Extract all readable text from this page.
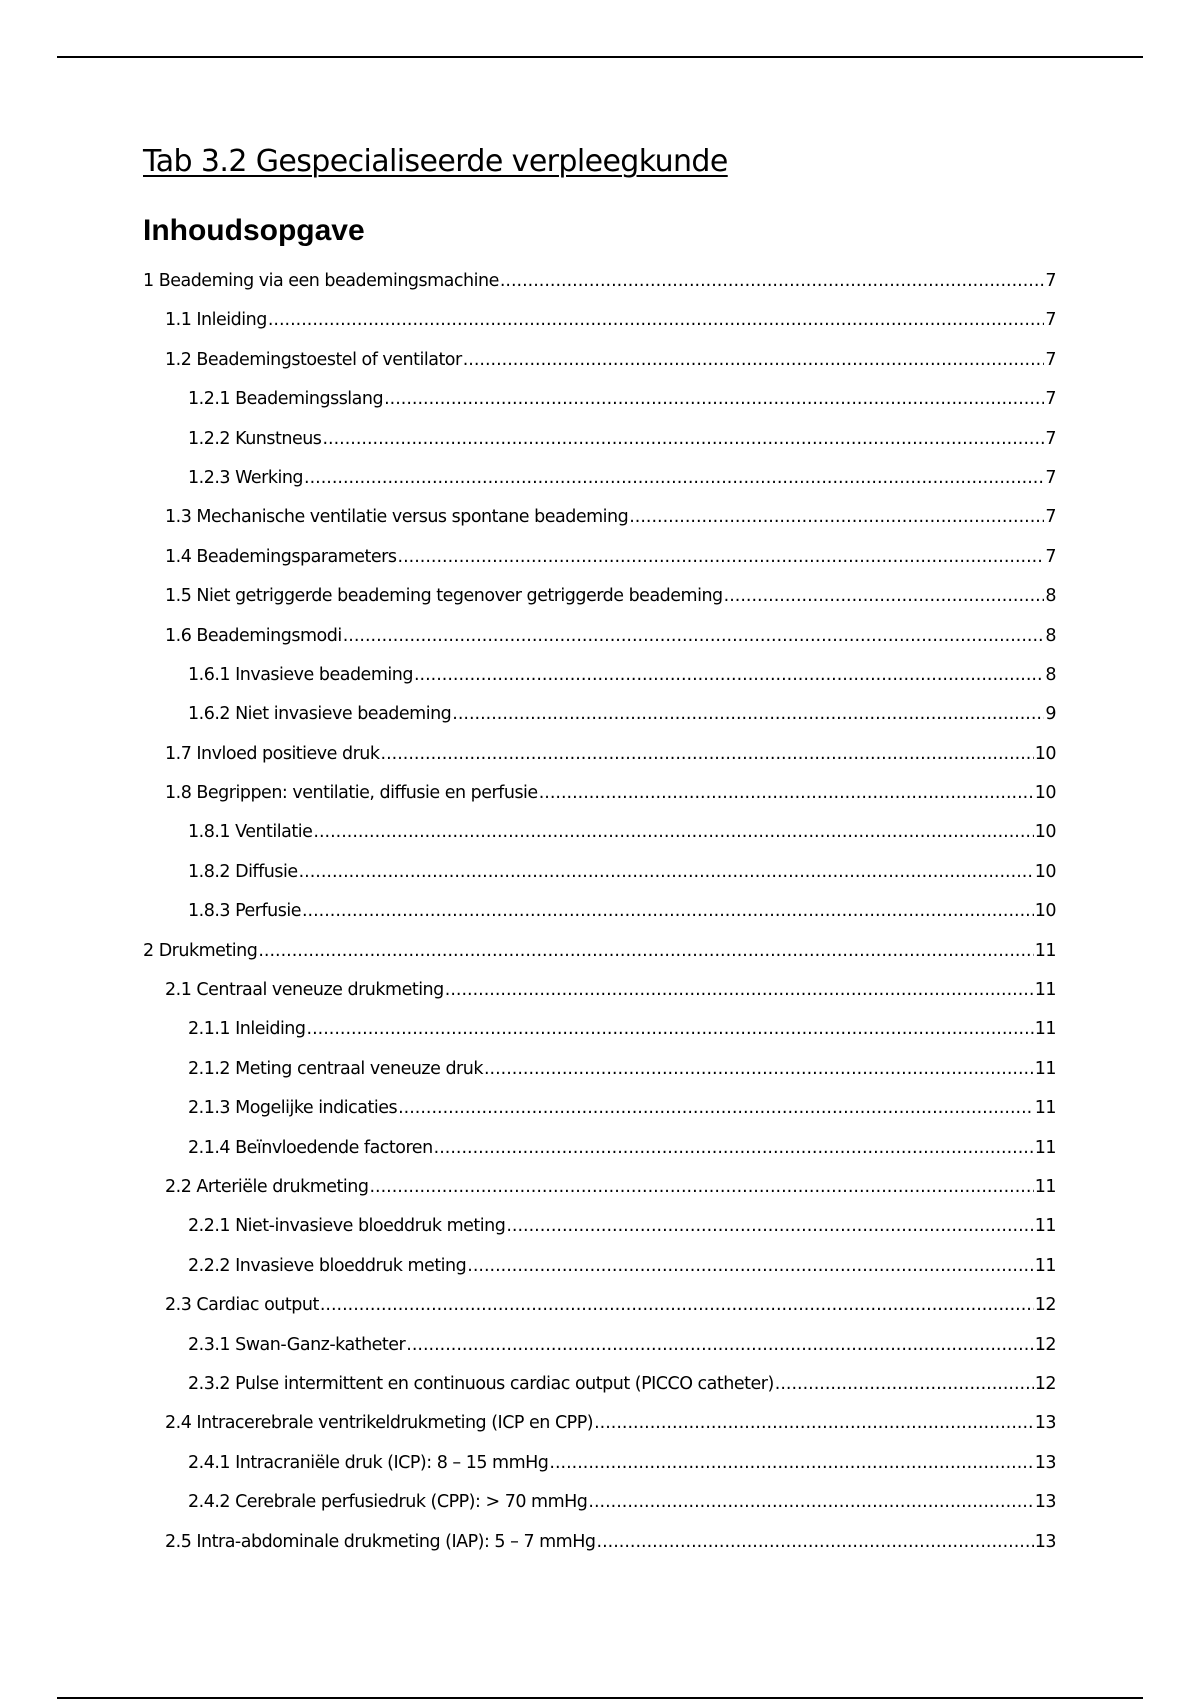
Tab 3.2 Gespecialiseerde verpleegkunde
Inhoudsopgave
1 Beademing via een beademingsmachine .....	7
1.1 Inleiding .....	7
1.2 Beademingstoestel of ventilator .....	7
1.2.1 Beademingsslang .....	7
1.2.2 Kunstneus .....	7
1.2.3 Werking .....	7
1.3 Mechanische ventilatie versus spontane beademing .....	7
1.4 Beademingsparameters .....	7
1.5 Niet getriggerde beademing tegenover getriggerde beademing .....	8
1.6 Beademingsmodi .....	8
1.6.1 Invasieve beademing .....	8
1.6.2 Niet invasieve beademing .....	9
1.7 Invloed positieve druk .....	10
1.8 Begrippen: ventilatie, diffusie en perfusie .....	10
1.8.1 Ventilatie .....	10
1.8.2 Diffusie .....	10
1.8.3 Perfusie .....	10
2 Drukmeting .....	11
2.1 Centraal veneuze drukmeting .....	11
2.1.1 Inleiding .....	11
2.1.2 Meting centraal veneuze druk .....	11
2.1.3 Mogelijke indicaties .....	11
2.1.4 Beïnvloedende factoren .....	11
2.2 Arteriële drukmeting .....	11
2.2.1 Niet-invasieve bloeddruk meting .....	11
2.2.2 Invasieve bloeddruk meting .....	11
2.3 Cardiac output .....	12
2.3.1 Swan-Ganz-katheter .....	12
2.3.2 Pulse intermittent en continuous cardiac output (PICCO catheter) .....	12
2.4 Intracerebrale ventrikeldrukmeting (ICP en CPP) .....	13
2.4.1 Intracraniële druk (ICP): 8 – 15 mmHg .....	13
2.4.2 Cerebrale perfusiedruk (CPP): > 70 mmHg .....	13
2.5 Intra-abdominale drukmeting (IAP): 5 – 7 mmHg .....	13
